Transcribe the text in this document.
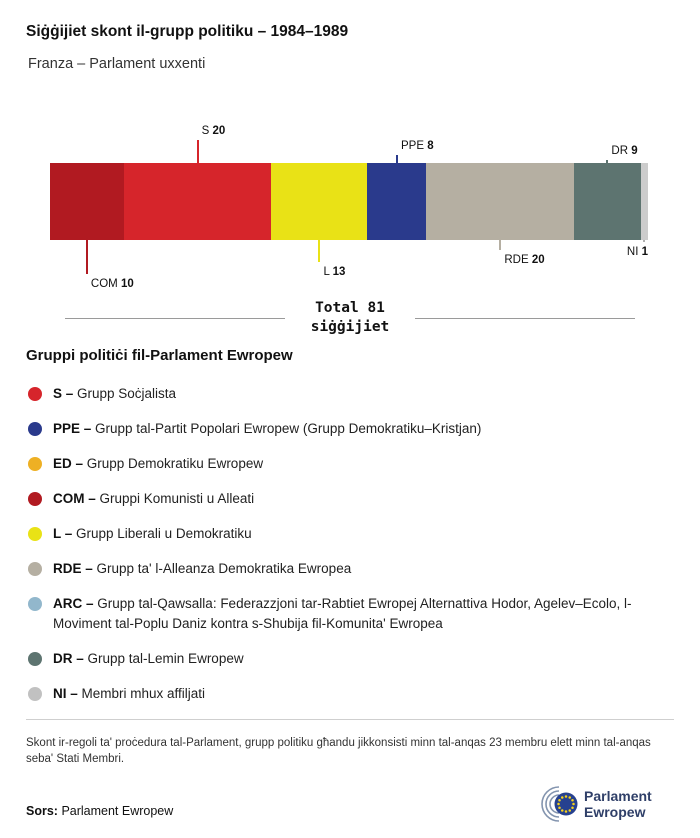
Siġġijiet skont il-grupp politiku – 1984–1989
Franza – Parlament uxxenti
Total 81
siġġijiet
COM 10
S 20
L 13
PPE 8
RDE 20
DR 9
NI 1
Gruppi politiċi fil-Parlament Ewropew
S – Grupp Soċjalista
PPE – Grupp tal-Partit Popolari Ewropew (Grupp Demokratiku–Kristjan)
ED – Grupp Demokratiku Ewropew
COM – Gruppi Komunisti u Alleati
L – Grupp Liberali u Demokratiku
RDE – Grupp ta' l-Alleanza Demokratika Ewropea
ARC – Grupp tal-Qawsalla: Federazzjoni tar-Rabtiet Ewropej Alternattiva Hodor, Agelev–Ecolo, l-Moviment tal-Poplu Daniz kontra s-Shubija fil-Komunita' Ewropea
DR – Grupp tal-Lemin Ewropew
NI – Membri mhux affiljati
Skont ir-regoli ta' proċedura tal-Parlament, grupp politiku għandu jikkonsisti minn tal-anqas 23 membru elett minn tal-anqas seba' Stati Membri.
Sors: Parlament Ewropew
Parlament
Ewropew
